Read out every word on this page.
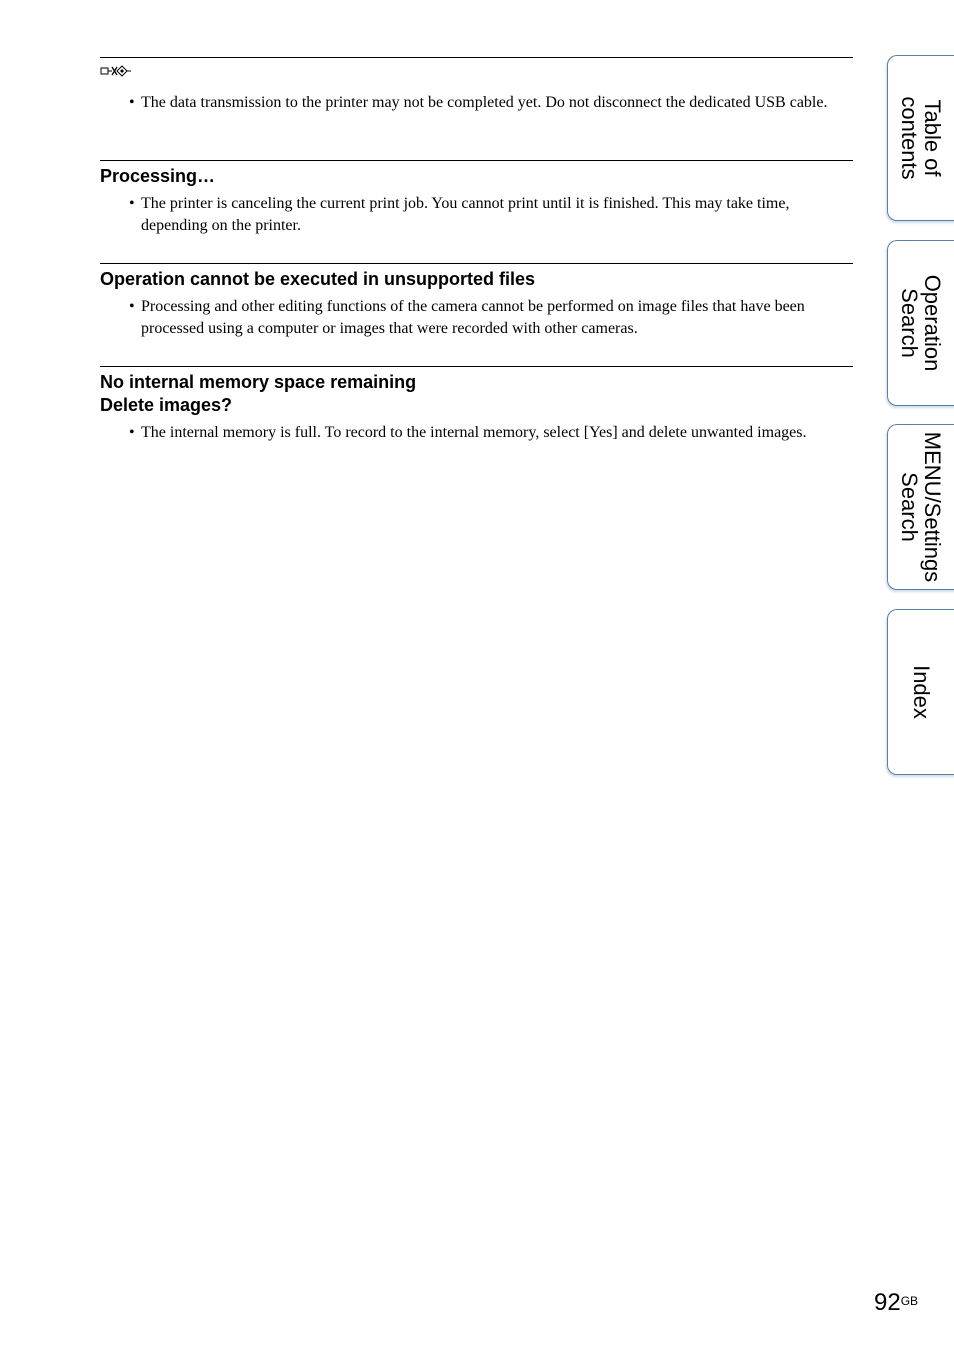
• The data transmission to the printer may not be completed yet. Do not disconnect the dedicated USB cable.

Processing…

• The printer is canceling the current print job. You cannot print until it is finished. This may take time, depending on the printer.

Operation cannot be executed in unsupported files

• Processing and other editing functions of the camera cannot be performed on image files that have been processed using a computer or images that were recorded with other cameras.

No internal memory space remaining
Delete images?

• The internal memory is full. To record to the internal memory, select [Yes] and delete unwanted images.

Table of
contents
Operation
Search
MENU/Settings
Search
Index
$92^{GB}$
